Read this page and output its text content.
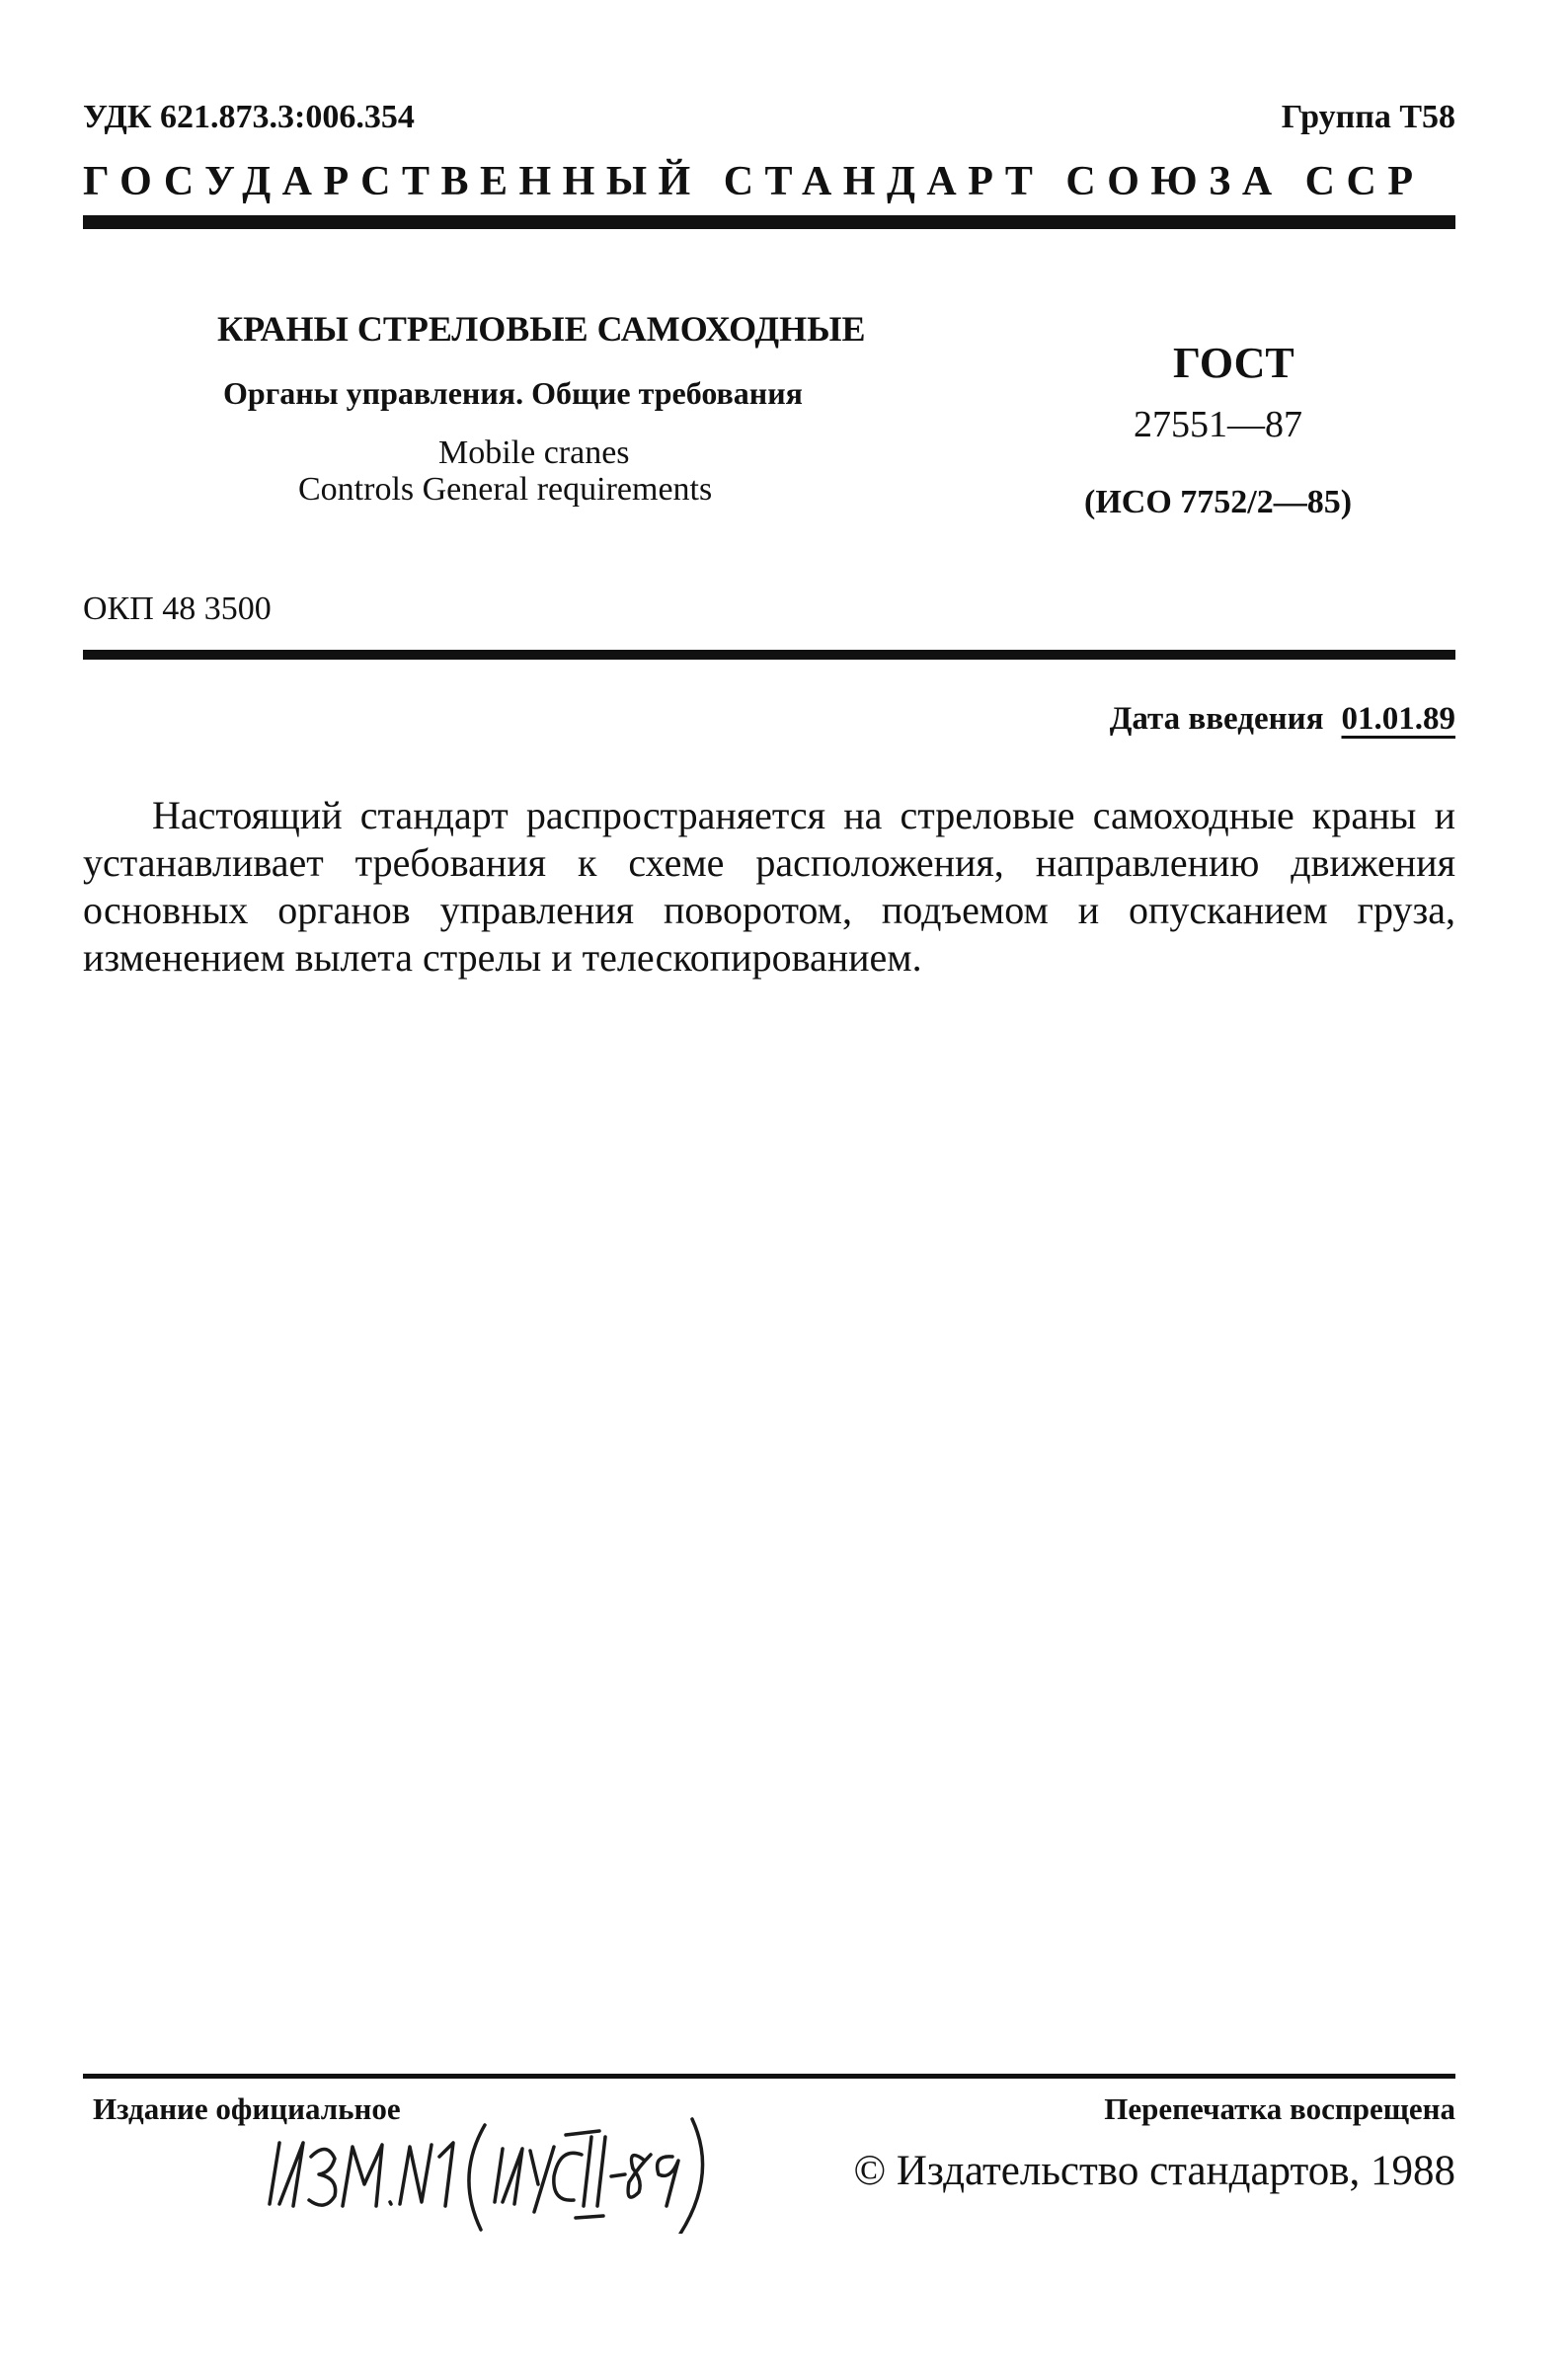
УДК 621.873.3:006.354	Группа Т58
ГОСУДАРСТВЕННЫЙ СТАНДАРТ СОЮЗА ССР
КРАНЫ СТРЕЛОВЫЕ САМОХОДНЫЕ
Органы управления. Общие требования
Mobile cranes
Controls General requirements
ГОСТ
27551—87
(ИСО 7752/2—85)
ОКП 48 3500
Дата введения 01.01.89
Настоящий стандарт распространяется на стреловые самоходные краны и устанавливает требования к схеме расположения, направлению движения основных органов управления поворотом, подъемом и опусканием груза, изменением вылета стрелы и телескопированием.
Издание официальное	Перепечатка воспрещена
© Издательство стандартов, 1988
